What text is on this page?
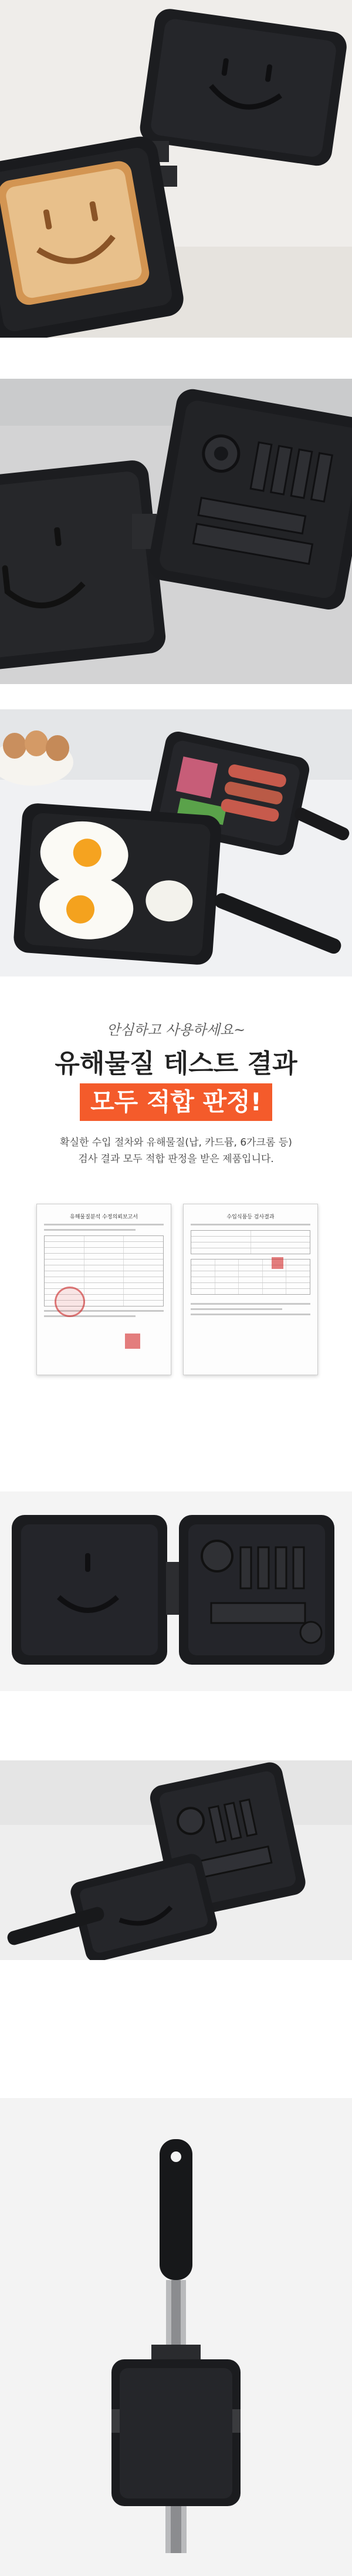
안심하고 사용하세요~
유해물질 테스트 결과
모두 적합 판정!
확실한 수입 절차와 유해물질(납, 카드뮴, 6가크롬 등)
검사 결과 모두 적합 판정을 받은 제품입니다.
유해물질분석 수정의뢰보고서	수입식품등 검사결과
